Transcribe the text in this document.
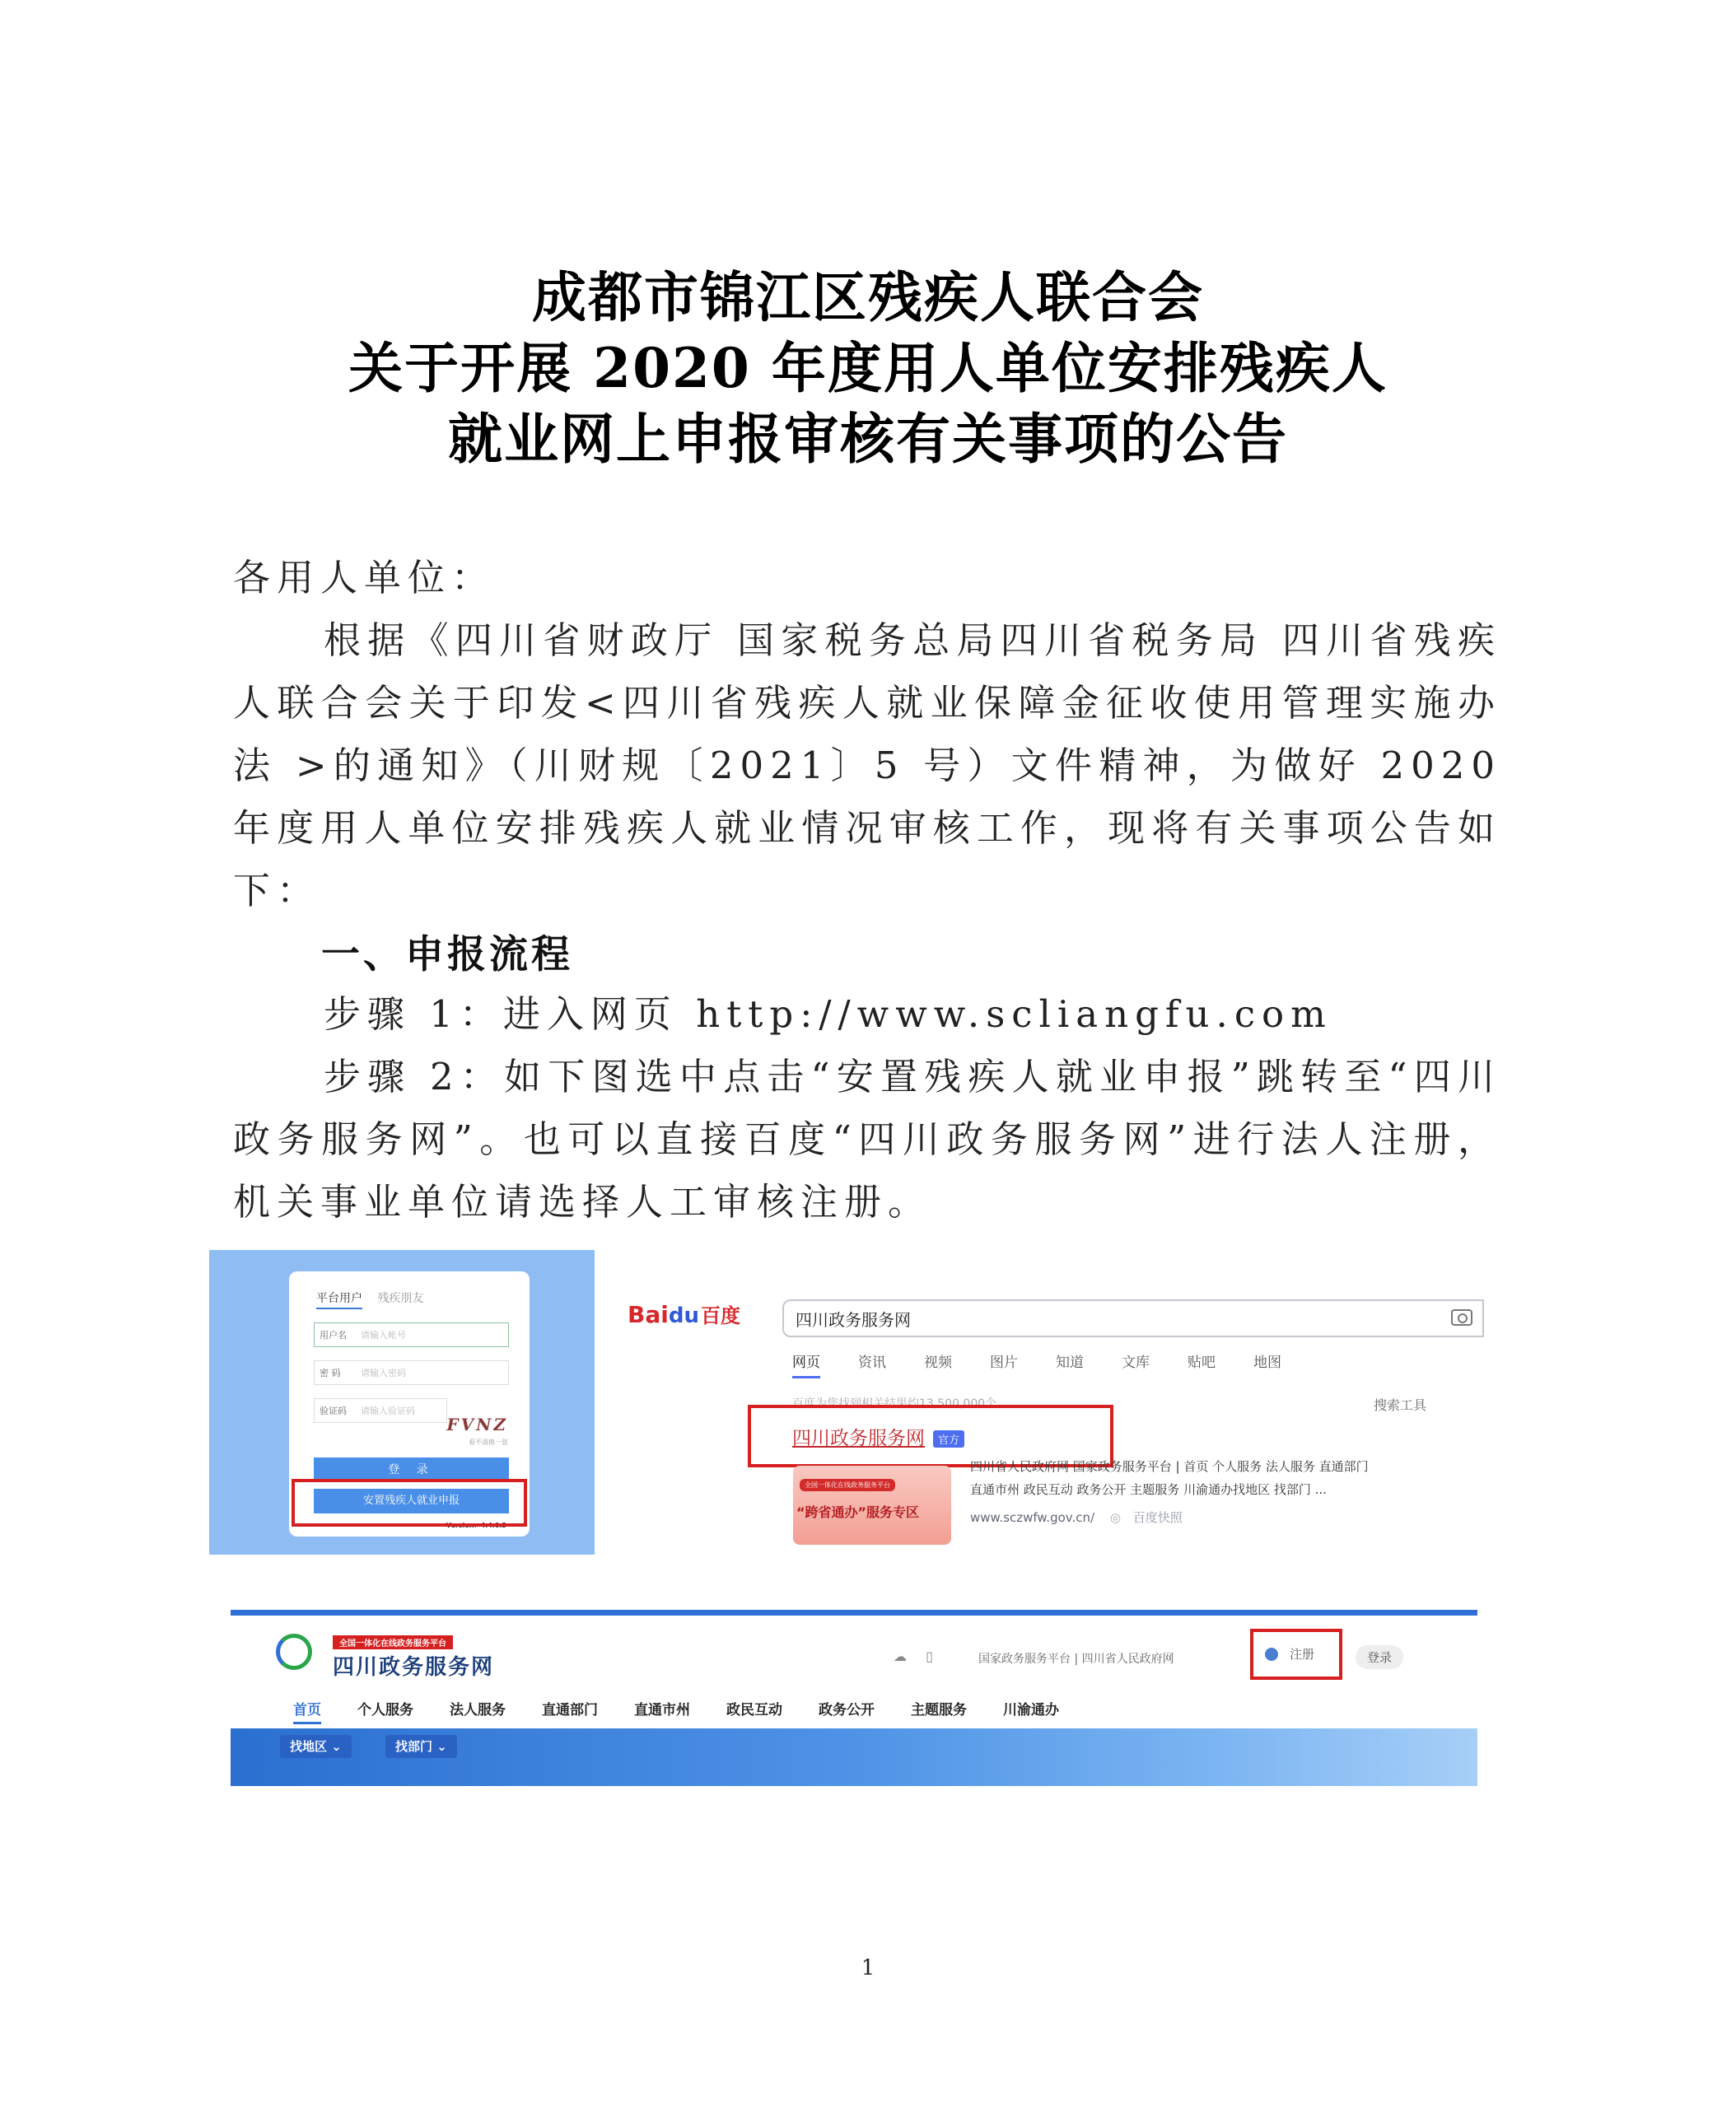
成都市锦江区残疾人联合会
关于开展 2020 年度用人单位安排残疾人
就业网上申报审核有关事项的公告
各用人单位：
根据《四川省财政厅 国家税务总局四川省税务局 四川省残疾人联合会关于印发<四川省残疾人就业保障金征收使用管理实施办法 >的通知》（川财规〔2021〕5 号）文件精神，为做好 2020 年度用人单位安排残疾人就业情况审核工作，现将有关事项公告如下：
一、申报流程
步骤 1：进入网页 http://www.scliangfu.com
步骤 2：如下图选中点击“安置残疾人就业申报”跳转至“四川政务服务网”。也可以直接百度“四川政务服务网”进行法人注册，机关事业单位请选择人工审核注册。
平台用户 残疾朋友
用户名	请输入帐号
密 码	请输入密码
验证码	请输入验证码
FVNZ
看不清换一张
登 录
安置残疾人就业申报
Version：4.4.0.3
Baidu百度	四川政务服务网
网页	资讯	视频	图片	知道	文库	贴吧	地图
百度为您找到相关结果约13,500,000个	搜索工具
四川政务服务网 官方
全国一体化在线政务服务平台
“跨省通办”服务专区
四川省人民政府网 国家政务服务平台 | 首页 个人服务 法人服务 直通部门
直通市州 政民互动 政务公开 主题服务 川渝通办找地区 找部门 ...
www.sczwfw.gov.cn/ ◎ 百度快照
全国一体化在线政务服务平台
四川政务服务网	☁ ▯	国家政务服务平台 | 四川省人民政府网	注册	登录
首页	个人服务	法人服务	直通部门	直通市州	政民互动	政务公开	主题服务	川渝通办
找地区 ⌄	找部门 ⌄
1
